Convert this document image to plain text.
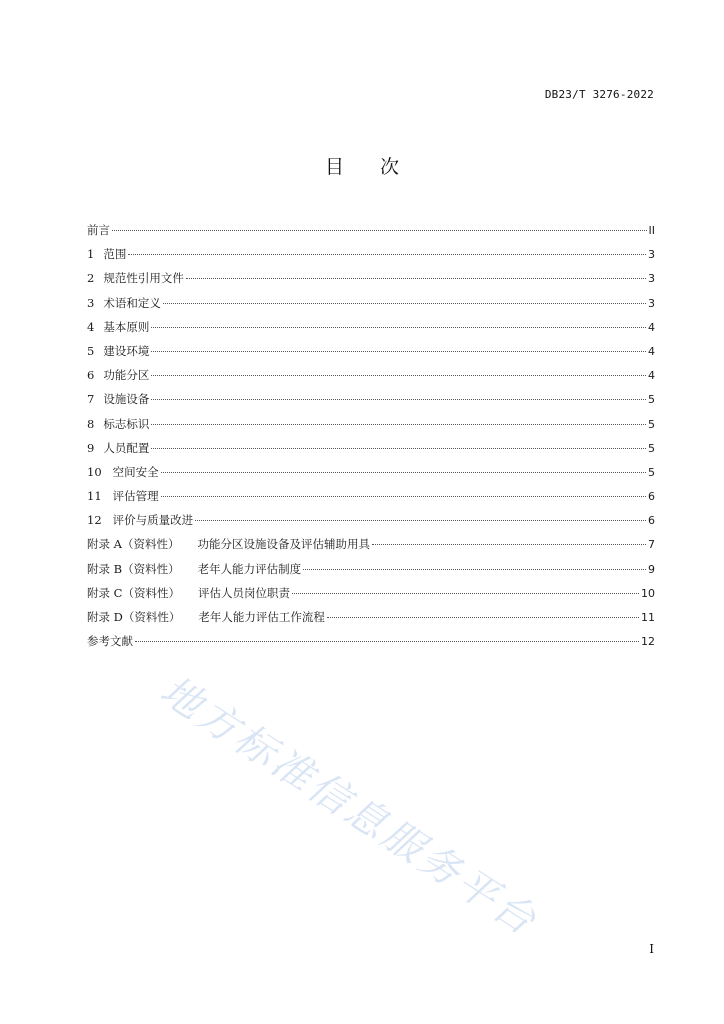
DB23/T 3276-2022
目 次
前言	II
1 范围	3
2 规范性引用文件	3
3 术语和定义	3
4 基本原则	4
5 建设环境	4
6 功能分区	4
7 设施设备	5
8 标志标识	5
9 人员配置	5
10 空间安全	5
11 评估管理	6
12 评价与质量改进	6
附录 A（资料性） 功能分区设施设备及评估辅助用具	7
附录 B（资料性） 老年人能力评估制度	9
附录 C（资料性） 评估人员岗位职责	10
附录 D（资料性） 老年人能力评估工作流程	11
参考文献	12
地方标准信息服务平台
I
